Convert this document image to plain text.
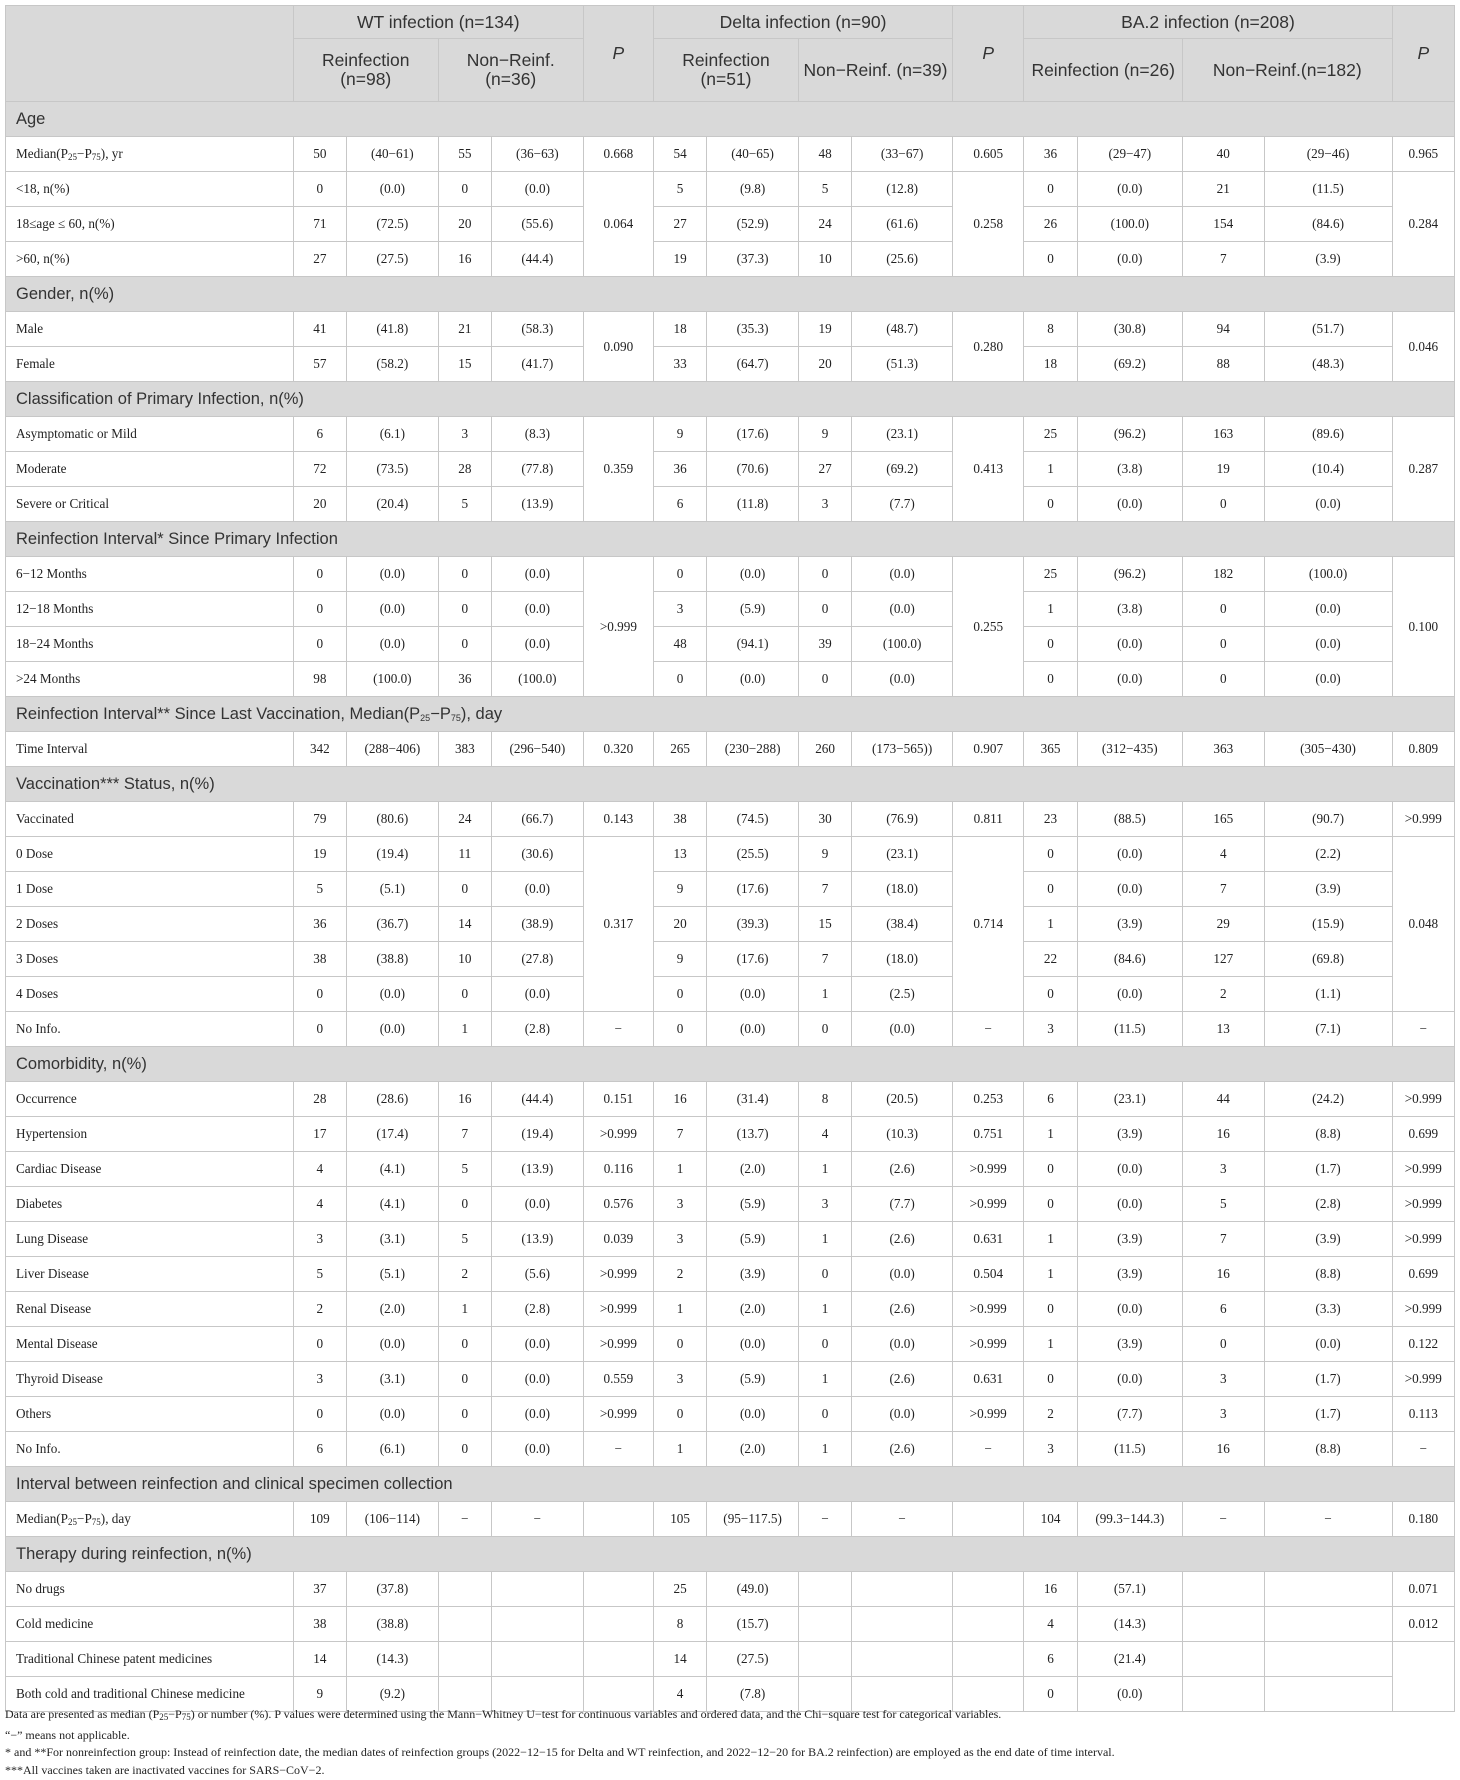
	WT infection (n=134)				P	Delta infection (n=90)				P	BA.2 infection (n=208)				P
	Reinfection (n=98)		Non−Reinf. (n=36)			Reinfection (n=51)		Non−Reinf. (n=39)			Reinfection (n=26)		Non−Reinf.(n=182)		
Age															
$Median(P_{25}-P_{75})$, yr	50	(40−61)	55	(36−63)	0.668	54	(40−65)	48	(33−67)	0.605	36	(29−47)	40	(29−46)	0.965
<18, n(%)	0	(0.0)	0	(0.0)	0.064	5	(9.8)	5	(12.8)	0.258	0	(0.0)	21	(11.5)	0.284
18≤age ≤ 60, n(%)	71	(72.5)	20	(55.6)		27	(52.9)	24	(61.6)		26	(100.0)	154	(84.6)	
>60, n(%)	27	(27.5)	16	(44.4)		19	(37.3)	10	(25.6)		0	(0.0)	7	(3.9)	
Gender, n(%)															
Male	41	(41.8)	21	(58.3)	0.090	18	(35.3)	19	(48.7)	0.280	8	(30.8)	94	(51.7)	0.046
Female	57	(58.2)	15	(41.7)		33	(64.7)	20	(51.3)		18	(69.2)	88	(48.3)	
Classification of Primary Infection, n(%)															
Asymptomatic or Mild	6	(6.1)	3	(8.3)	0.359	9	(17.6)	9	(23.1)	0.413	25	(96.2)	163	(89.6)	0.287
Moderate	72	(73.5)	28	(77.8)		36	(70.6)	27	(69.2)		1	(3.8)	19	(10.4)	
Severe or Critical	20	(20.4)	5	(13.9)		6	(11.8)	3	(7.7)		0	(0.0)	0	(0.0)	
Reinfection Interval* Since Primary Infection															
6−12 Months	0	(0.0)	0	(0.0)	>0.999	0	(0.0)	0	(0.0)	0.255	25	(96.2)	182	(100.0)	0.100
12−18 Months	0	(0.0)	0	(0.0)		3	(5.9)	0	(0.0)		1	(3.8)	0	(0.0)	
18−24 Months	0	(0.0)	0	(0.0)		48	(94.1)	39	(100.0)		0	(0.0)	0	(0.0)	
>24 Months	98	(100.0)	36	(100.0)		0	(0.0)	0	(0.0)		0	(0.0)	0	(0.0)	
Reinfection Interval** Since Last Vaccination, $Median(P_{25}-P_{75})$, day															
Time Interval	342	(288−406)	383	(296−540)	0.320	265	(230−288)	260	(173−565))	0.907	365	(312−435)	363	(305−430)	0.809
Vaccination*** Status, n(%)															
Vaccinated	79	(80.6)	24	(66.7)	0.143	38	(74.5)	30	(76.9)	0.811	23	(88.5)	165	(90.7)	>0.999
0 Dose	19	(19.4)	11	(30.6)	0.317	13	(25.5)	9	(23.1)	0.714	0	(0.0)	4	(2.2)	0.048
1 Dose	5	(5.1)	0	(0.0)		9	(17.6)	7	(18.0)		0	(0.0)	7	(3.9)	
2 Doses	36	(36.7)	14	(38.9)		20	(39.3)	15	(38.4)		1	(3.9)	29	(15.9)	
3 Doses	38	(38.8)	10	(27.8)		9	(17.6)	7	(18.0)		22	(84.6)	127	(69.8)	
4 Doses	0	(0.0)	0	(0.0)		0	(0.0)	1	(2.5)		0	(0.0)	2	(1.1)	
No Info.	0	(0.0)	1	(2.8)	−	0	(0.0)	0	(0.0)	−	3	(11.5)	13	(7.1)	−
Comorbidity, n(%)															
Occurrence	28	(28.6)	16	(44.4)	0.151	16	(31.4)	8	(20.5)	0.253	6	(23.1)	44	(24.2)	>0.999
Hypertension	17	(17.4)	7	(19.4)	>0.999	7	(13.7)	4	(10.3)	0.751	1	(3.9)	16	(8.8)	0.699
Cardiac Disease	4	(4.1)	5	(13.9)	0.116	1	(2.0)	1	(2.6)	>0.999	0	(0.0)	3	(1.7)	>0.999
Diabetes	4	(4.1)	0	(0.0)	0.576	3	(5.9)	3	(7.7)	>0.999	0	(0.0)	5	(2.8)	>0.999
Lung Disease	3	(3.1)	5	(13.9)	0.039	3	(5.9)	1	(2.6)	0.631	1	(3.9)	7	(3.9)	>0.999
Liver Disease	5	(5.1)	2	(5.6)	>0.999	2	(3.9)	0	(0.0)	0.504	1	(3.9)	16	(8.8)	0.699
Renal Disease	2	(2.0)	1	(2.8)	>0.999	1	(2.0)	1	(2.6)	>0.999	0	(0.0)	6	(3.3)	>0.999
Mental Disease	0	(0.0)	0	(0.0)	>0.999	0	(0.0)	0	(0.0)	>0.999	1	(3.9)	0	(0.0)	0.122
Thyroid Disease	3	(3.1)	0	(0.0)	0.559	3	(5.9)	1	(2.6)	0.631	0	(0.0)	3	(1.7)	>0.999
Others	0	(0.0)	0	(0.0)	>0.999	0	(0.0)	0	(0.0)	>0.999	2	(7.7)	3	(1.7)	0.113
No Info.	6	(6.1)	0	(0.0)	−	1	(2.0)	1	(2.6)	−	3	(11.5)	16	(8.8)	−
Interval between reinfection and clinical specimen collection															
$Median(P_{25}-P_{75})$, day	109	(106−114)	−	−		105	(95−117.5)	−	−		104	(99.3−144.3)	−	−	0.180
Therapy during reinfection, n(%)															
No drugs	37	(37.8)				25	(49.0)				16	(57.1)			0.071
Cold medicine	38	(38.8)				8	(15.7)				4	(14.3)			0.012
Traditional Chinese patent medicines	14	(14.3)				14	(27.5)				6	(21.4)			
Both cold and traditional Chinese medicine	9	(9.2)				4	(7.8)				0	(0.0)			
Data are presented as median $(P_{25}-P_{75})$ or number (%). P values were determined using the Mann−Whitney U−test for continuous variables and ordered data, and the Chi−square test for categorical variables.
“−” means not applicable.
* and **For nonreinfection group: Instead of reinfection date, the median dates of reinfection groups (2022−12−15 for Delta and WT reinfection, and 2022−12−20 for BA.2 reinfection) are employed as the end date of time interval.
***All vaccines taken are inactivated vaccines for SARS−CoV−2.
